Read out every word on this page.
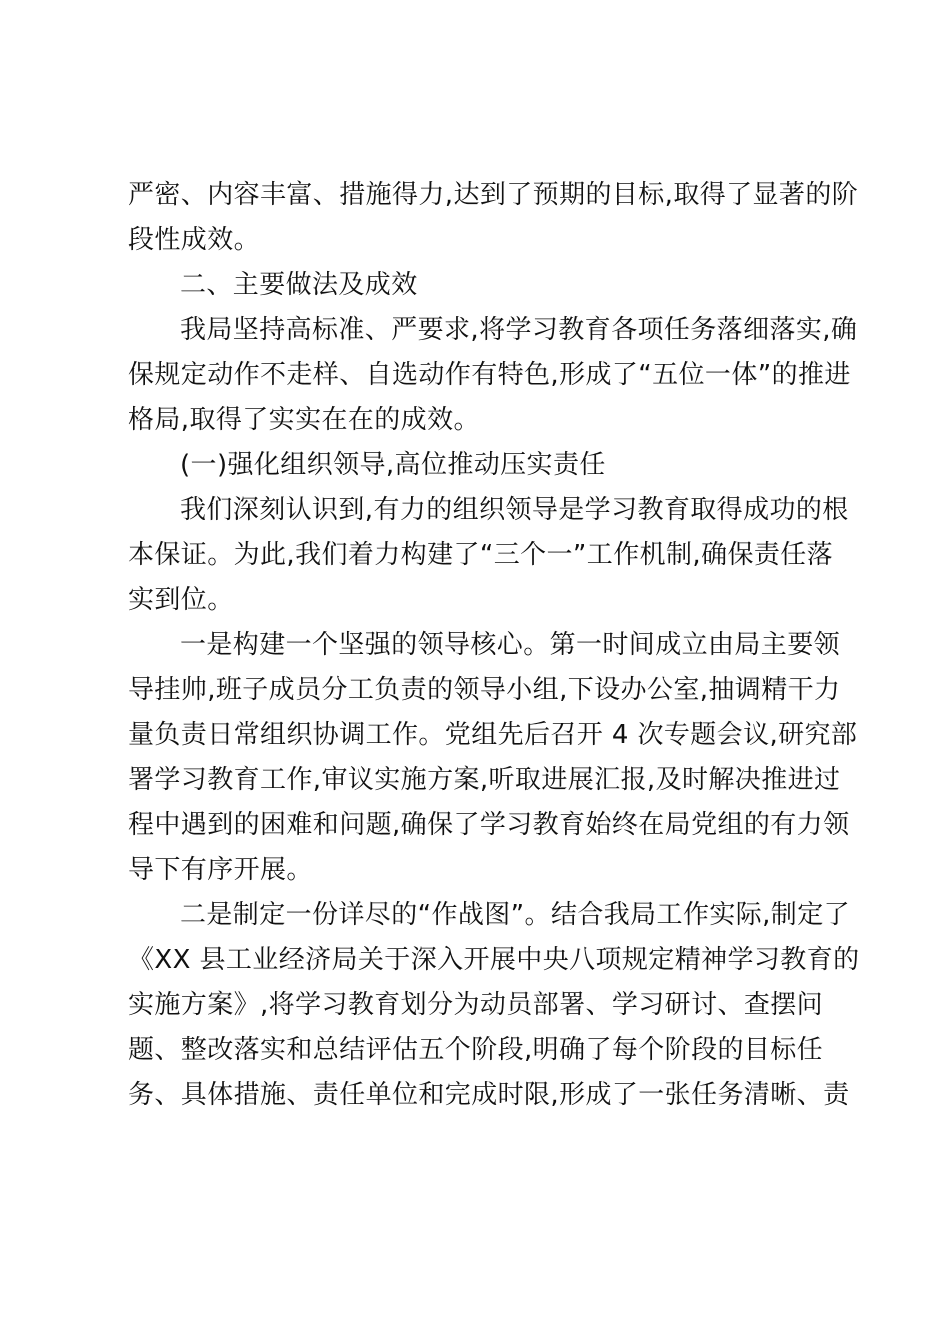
严密、内容丰富、措施得力,达到了预期的目标,取得了显著的阶
段性成效。
二、主要做法及成效
我局坚持高标准、严要求,将学习教育各项任务落细落实,确
保规定动作不走样、自选动作有特色,形成了“五位一体”的推进
格局,取得了实实在在的成效。
(一)强化组织领导,高位推动压实责任
我们深刻认识到,有力的组织领导是学习教育取得成功的根
本保证。为此,我们着力构建了“三个一”工作机制,确保责任落
实到位。
一是构建一个坚强的领导核心。第一时间成立由局主要领
导挂帅,班子成员分工负责的领导小组,下设办公室,抽调精干力
量负责日常组织协调工作。党组先后召开 4 次专题会议,研究部
署学习教育工作,审议实施方案,听取进展汇报,及时解决推进过
程中遇到的困难和问题,确保了学习教育始终在局党组的有力领
导下有序开展。
二是制定一份详尽的“作战图”。结合我局工作实际,制定了
《XX 县工业经济局关于深入开展中央八项规定精神学习教育的
实施方案》,将学习教育划分为动员部署、学习研讨、查摆问
题、整改落实和总结评估五个阶段,明确了每个阶段的目标任
务、具体措施、责任单位和完成时限,形成了一张任务清晰、责
